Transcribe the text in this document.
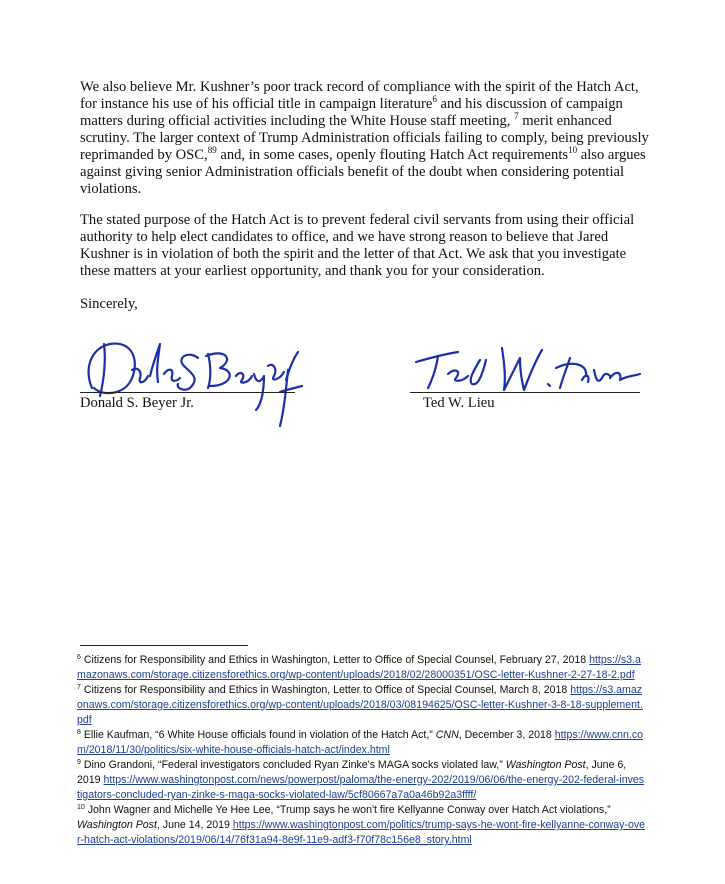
We also believe Mr. Kushner’s poor track record of compliance with the spirit of the Hatch Act, for instance his use of his official title in campaign literature$^6$ and his discussion of campaign matters during official activities including the White House staff meeting, $^7$ merit enhanced scrutiny. The larger context of Trump Administration officials failing to comply, being previously reprimanded by OSC,$^{89}$ and, in some cases, openly flouting Hatch Act requirements$^{10}$ also argues against giving senior Administration officials benefit of the doubt when considering potential violations.

The stated purpose of the Hatch Act is to prevent federal civil servants from using their official authority to help elect candidates to office, and we have strong reason to believe that Jared Kushner is in violation of both the spirit and the letter of that Act. We ask that you investigate these matters at your earliest opportunity, and thank you for your consideration.

Sincerely,

Donald S. Beyer Jr.	Ted W. Lieu

$^6$ Citizens for Responsibility and Ethics in Washington, Letter to Office of Special Counsel, February 27, 2018 https://s3.amazonaws.com/storage.citizensforethics.org/wp-content/uploads/2018/02/28000351/OSC-letter-Kushner-2-27-18-2.pdf

$^7$ Citizens for Responsibility and Ethics in Washington, Letter to Office of Special Counsel, March 8, 2018 https://s3.amazonaws.com/storage.citizensforethics.org/wp-content/uploads/2018/03/08194625/OSC-letter-Kushner-3-8-18-supplement.pdf

$^8$ Ellie Kaufman, “6 White House officials found in violation of the Hatch Act,” CNN, December 3, 2018 https://www.cnn.com/2018/11/30/politics/six-white-house-officials-hatch-act/index.html

$^9$ Dino Grandoni, “Federal investigators concluded Ryan Zinke's MAGA socks violated law,” Washington Post, June 6, 2019 https://www.washingtonpost.com/news/powerpost/paloma/the-energy-202/2019/06/06/the-energy-202-federal-investigators-concluded-ryan-zinke-s-maga-socks-violated-law/5cf80667a7a0a46b92a3ffff/

$^{10}$ John Wagner and Michelle Ye Hee Lee, “Trump says he won't fire Kellyanne Conway over Hatch Act violations,” Washington Post, June 14, 2019 https://www.washingtonpost.com/politics/trump-says-he-wont-fire-kellyanne-conway-over-hatch-act-violations/2019/06/14/76f31a94-8e9f-11e9-adf3-f70f78c156e8_story.html
